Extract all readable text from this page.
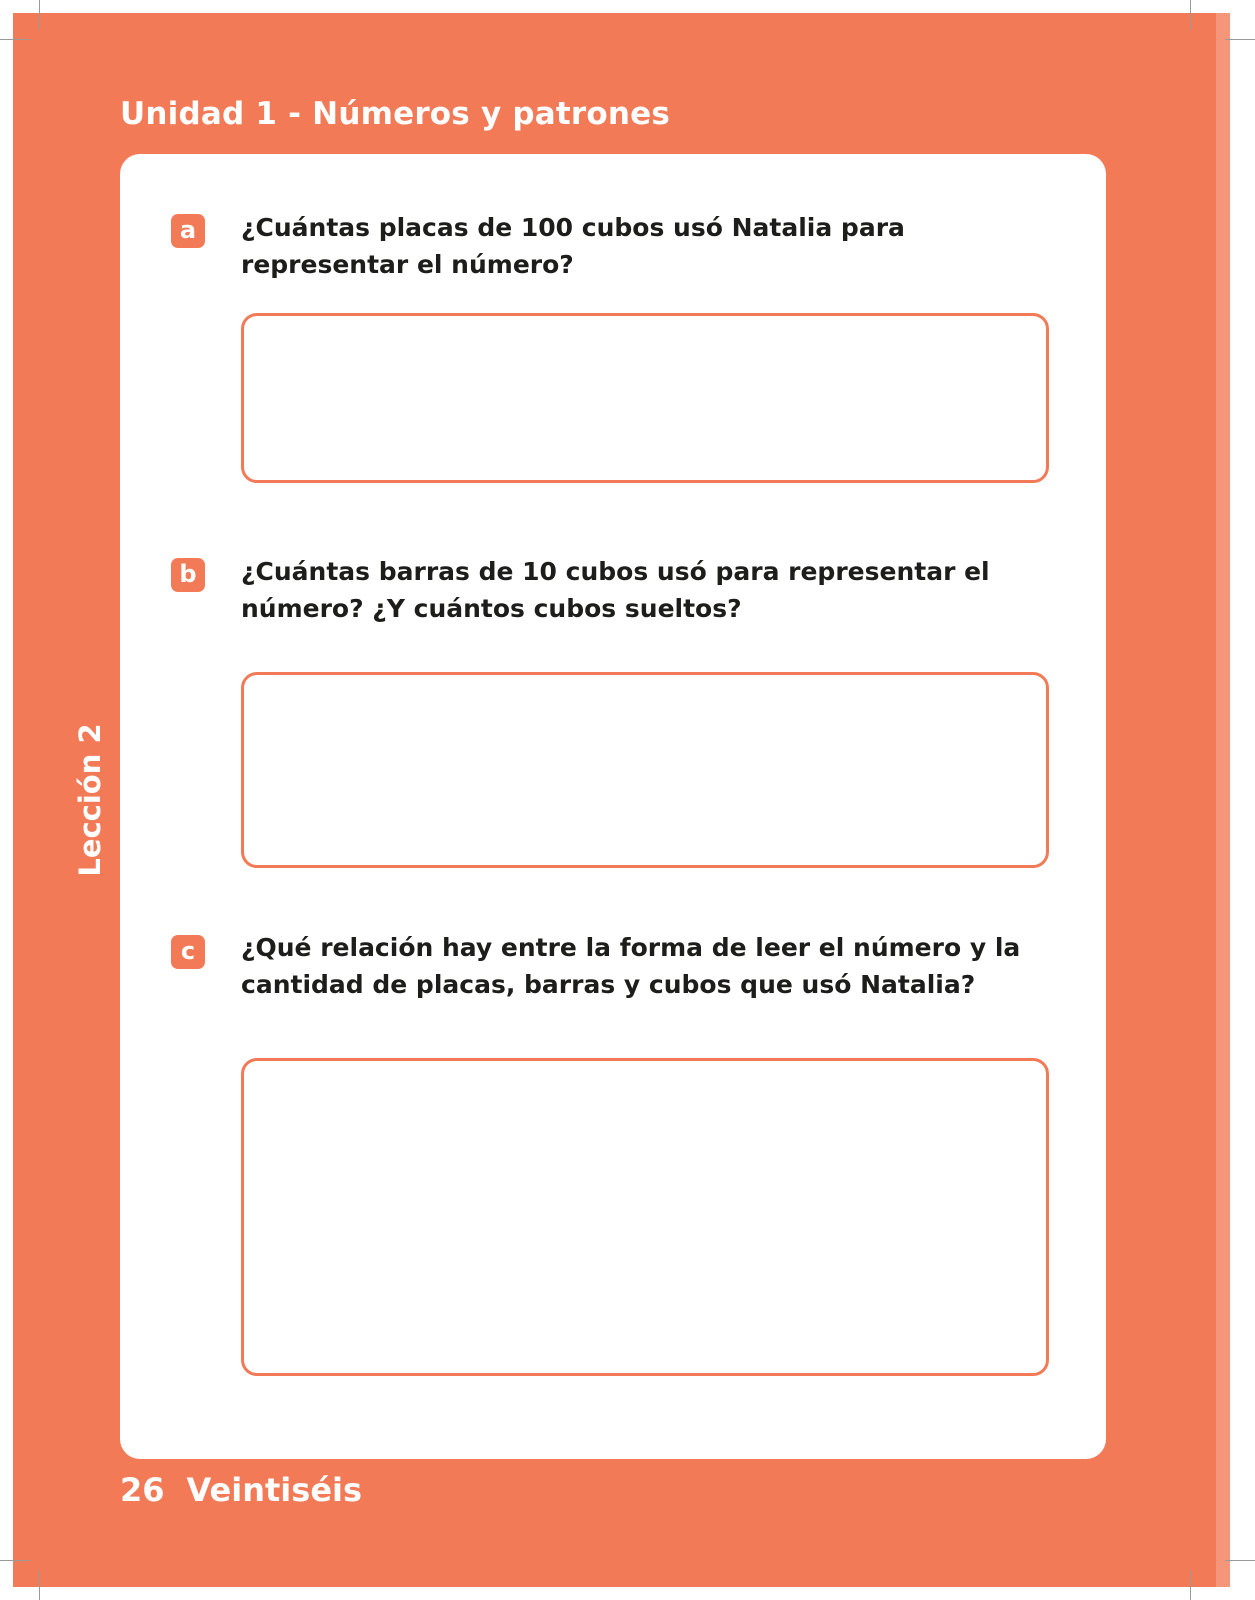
Unidad 1 - Números y patrones
Lección 2
a	¿Cuántas placas de 100 cubos usó Natalia para representar el número?
b	¿Cuántas barras de 10 cubos usó para representar el número? ¿Y cuántos cubos sueltos?
c	¿Qué relación hay entre la forma de leer el número y la cantidad de placas, barras y cubos que usó Natalia?
26 Veintiséis
